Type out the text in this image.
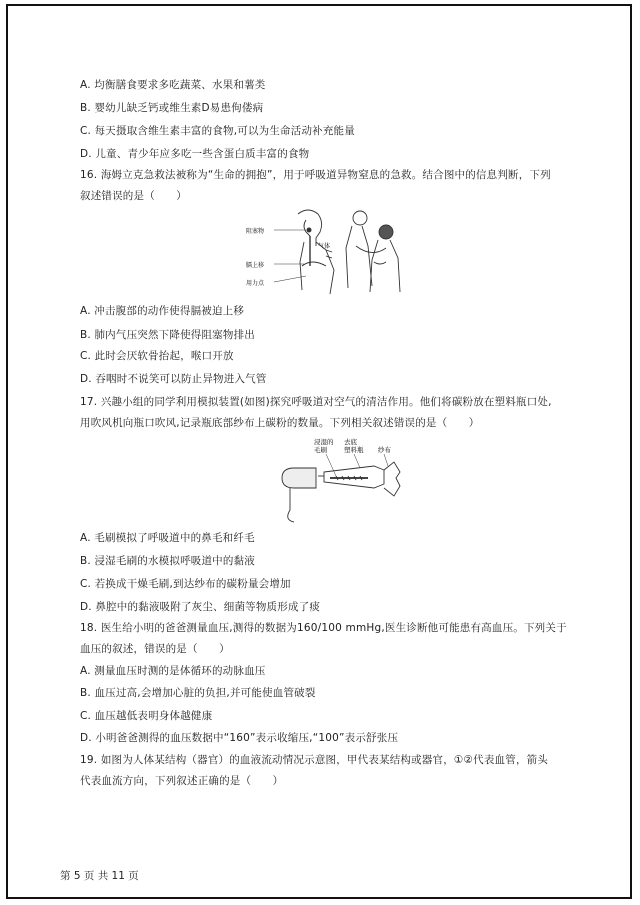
A. 均衡膳食要求多吃蔬菜、水果和薯类
B. 婴幼儿缺乏钙或维生素D易患佝偻病
C. 每天摄取含维生素丰富的食物,可以为生命活动补充能量
D. 儿童、青少年应多吃一些含蛋白质丰富的食物
16. 海姆立克急救法被称为“生命的拥抱”，用于呼吸道异物窒息的急救。结合图中的信息判断，下列
叙述错误的是（　　）
阻塞物
膈上移
用力点
气体
A. 冲击腹部的动作使得膈被迫上移
B. 肺内气压突然下降使得阻塞物排出
C. 此时会厌软骨抬起，喉口开放
D. 吞咽时不说笑可以防止异物进入气管
17. 兴趣小组的同学利用模拟装置(如图)探究呼吸道对空气的清洁作用。他们将碳粉放在塑料瓶口处,
用吹风机向瓶口吹风,记录瓶底部纱布上碳粉的数量。下列相关叙述错误的是（　　）
浸湿的
毛刷
去底
塑料瓶 纱布
A. 毛刷模拟了呼吸道中的鼻毛和纤毛
B. 浸湿毛刷的水模拟呼吸道中的黏液
C. 若换成干燥毛刷,到达纱布的碳粉量会增加
D. 鼻腔中的黏液吸附了灰尘、细菌等物质形成了痰
18. 医生给小明的爸爸测量血压,测得的数据为160/100 mmHg,医生诊断他可能患有高血压。下列关于
血压的叙述，错误的是（　　）
A. 测量血压时测的是体循环的动脉血压
B. 血压过高,会增加心脏的负担,并可能使血管破裂
C. 血压越低表明身体越健康
D. 小明爸爸测得的血压数据中“160”表示收缩压,“100”表示舒张压
19. 如图为人体某结构（器官）的血液流动情况示意图，甲代表某结构或器官，①②代表血管，箭头
代表血流方向，下列叙述正确的是（　　）
第 5 页 共 11 页
